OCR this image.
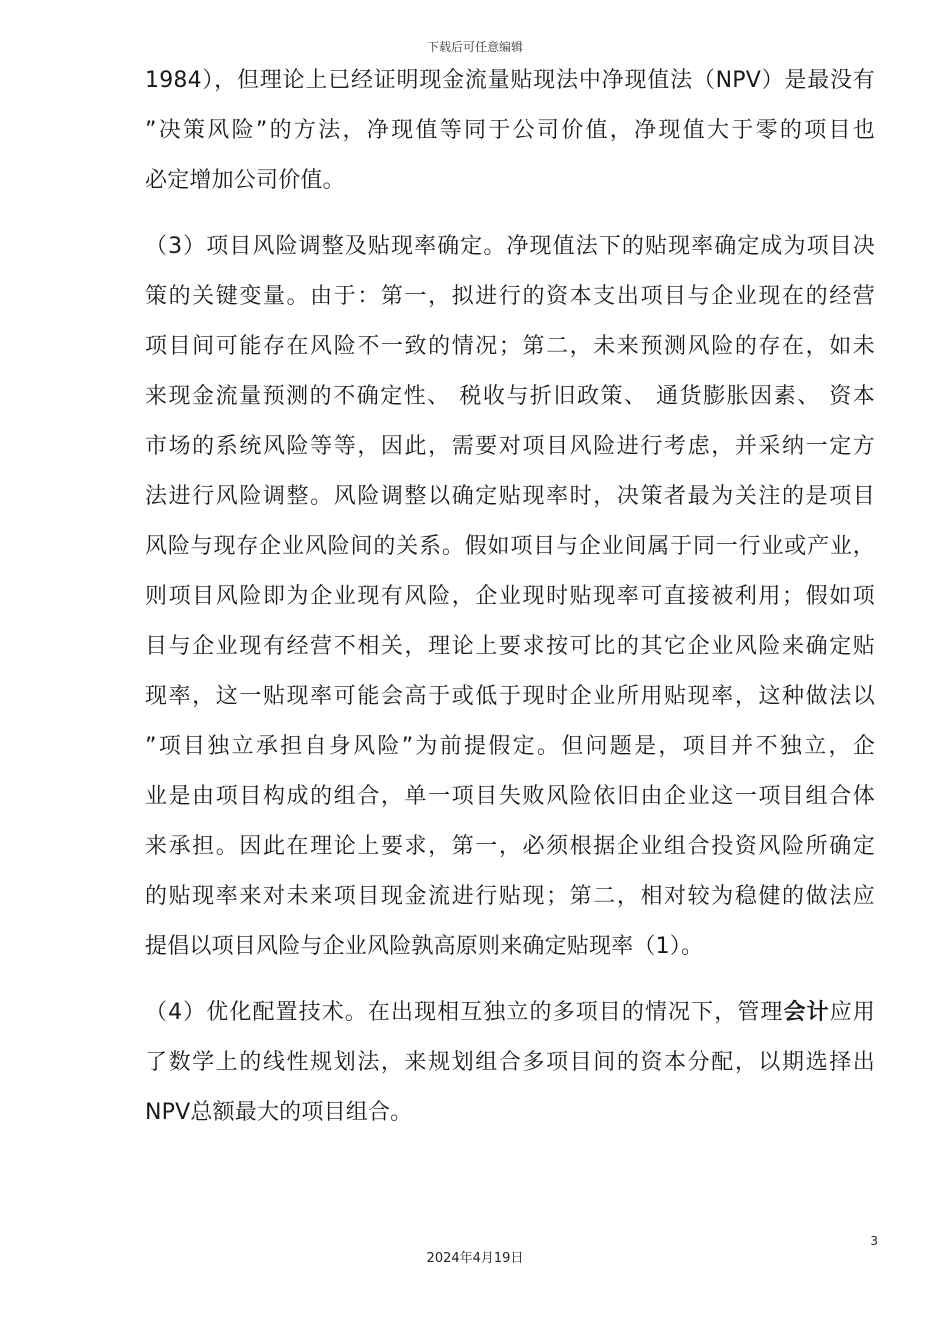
下载后可任意编辑

1984），但理论上已经证明现金流量贴现法中净现值法（NPV）是最没有
”决策风险”的方法，净现值等同于公司价值，净现值大于零的项目也
必定增加公司价值。

（3）项目风险调整及贴现率确定。净现值法下的贴现率确定成为项目决
策的关键变量。由于：第一，拟进行的资本支出项目与企业现在的经营
项目间可能存在风险不一致的情况；第二，未来预测风险的存在，如未
来现金流量预测的不确定性、 税收与折旧政策、 通货膨胀因素、 资本
市场的系统风险等等，因此，需要对项目风险进行考虑，并采纳一定方
法进行风险调整。风险调整以确定贴现率时，决策者最为关注的是项目
风险与现存企业风险间的关系。假如项目与企业间属于同一行业或产业，
则项目风险即为企业现有风险，企业现时贴现率可直接被利用；假如项
目与企业现有经营不相关，理论上要求按可比的其它企业风险来确定贴
现率，这一贴现率可能会高于或低于现时企业所用贴现率，这种做法以
”项目独立承担自身风险”为前提假定。但问题是，项目并不独立，企
业是由项目构成的组合，单一项目失败风险依旧由企业这一项目组合体
来承担。因此在理论上要求，第一，必须根据企业组合投资风险所确定
的贴现率来对未来项目现金流进行贴现；第二，相对较为稳健的做法应
提倡以项目风险与企业风险孰高原则来确定贴现率（1）。

（4）优化配置技术。在出现相互独立的多项目的情况下，管理会计应用
了数学上的线性规划法，来规划组合多项目间的资本分配，以期选择出
NPV总额最大的项目组合。

3
2024年4月19日
